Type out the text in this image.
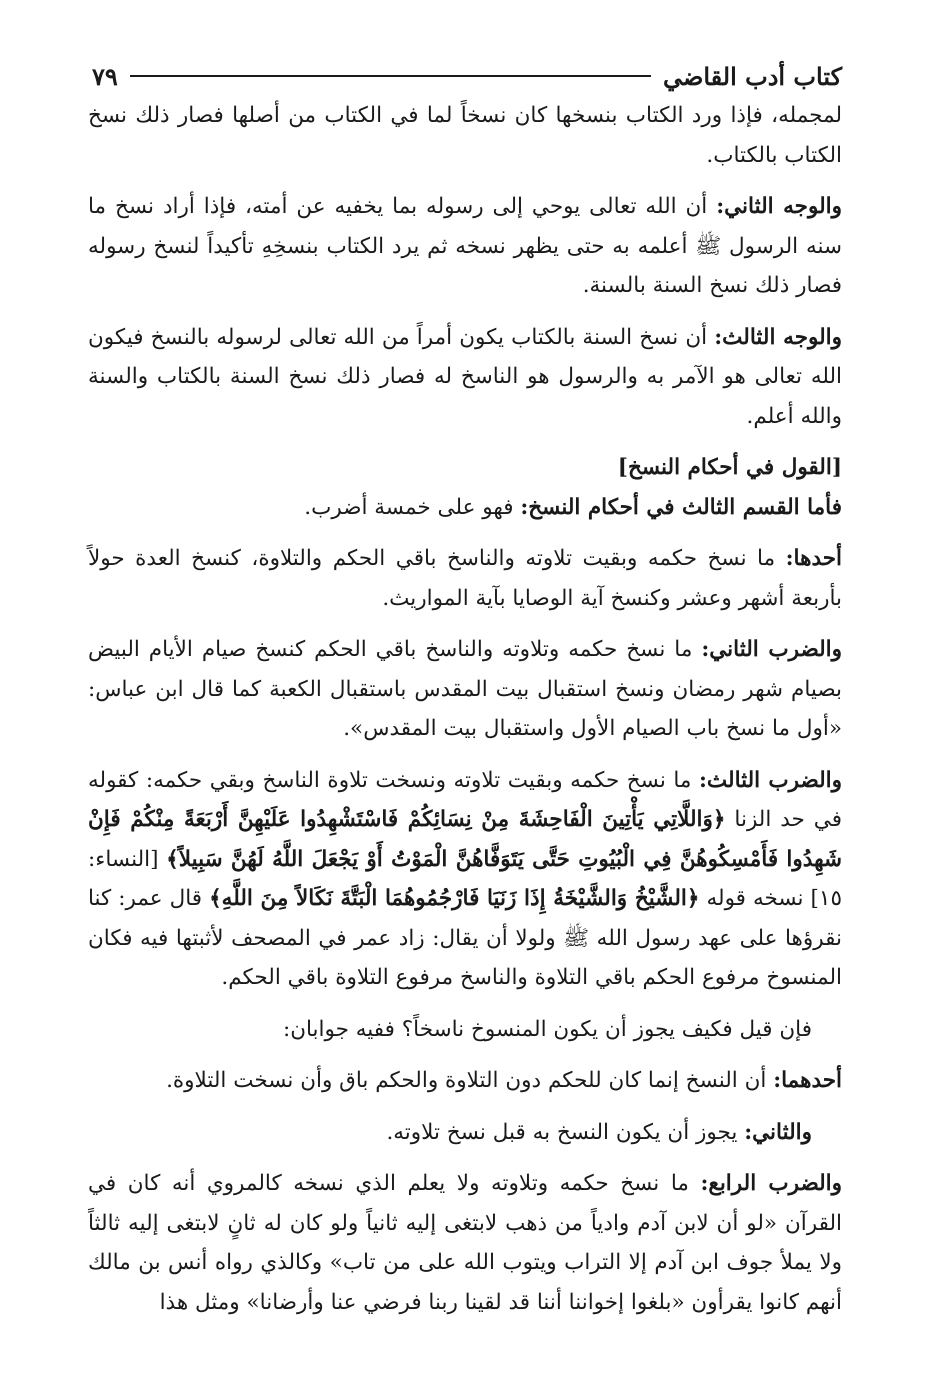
كتاب أدب القاضي
٧٩

لمجمله، فإذا ورد الكتاب بنسخها كان نسخاً لما في الكتاب من أصلها فصار ذلك نسخ الكتاب بالكتاب.

والوجه الثاني: أن الله تعالى يوحي إلى رسوله بما يخفيه عن أمته، فإذا أراد نسخ ما سنه الرسول ﷺ أعلمه به حتى يظهر نسخه ثم يرد الكتاب بنسخِهِ تأكيداً لنسخ رسوله فصار ذلك نسخ السنة بالسنة.

والوجه الثالث: أن نسخ السنة بالكتاب يكون أمراً من الله تعالى لرسوله بالنسخ فيكون الله تعالى هو الآمر به والرسول هو الناسخ له فصار ذلك نسخ السنة بالكتاب والسنة والله أعلم.

[القول في أحكام النسخ]

فأما القسم الثالث في أحكام النسخ: فهو على خمسة أضرب.

أحدها: ما نسخ حكمه وبقيت تلاوته والناسخ باقي الحكم والتلاوة، كنسخ العدة حولاً بأربعة أشهر وعشر وكنسخ آية الوصايا بآية المواريث.

والضرب الثاني: ما نسخ حكمه وتلاوته والناسخ باقي الحكم كنسخ صيام الأيام البيض بصيام شهر رمضان ونسخ استقبال بيت المقدس باستقبال الكعبة كما قال ابن عباس: «أول ما نسخ باب الصيام الأول واستقبال بيت المقدس».

والضرب الثالث: ما نسخ حكمه وبقيت تلاوته ونسخت تلاوة الناسخ وبقي حكمه: كقوله في حد الزنا ﴿وَاللَّاتِي يَأْتِينَ الْفَاحِشَةَ مِنْ نِسَائِكُمْ فَاسْتَشْهِدُوا عَلَيْهِنَّ أَرْبَعَةً مِنْكُمْ فَإِنْ شَهِدُوا فَأَمْسِكُوهُنَّ فِي الْبُيُوتِ حَتَّى يَتَوَفَّاهُنَّ الْمَوْتُ أَوْ يَجْعَلَ اللَّهُ لَهُنَّ سَبِيلاً﴾ [النساء: ١٥] نسخه قوله ﴿الشَّيْخُ وَالشَّيْخَةُ إِذَا زَنَيَا فَارْجُمُوهُمَا الْبَتَّةَ نَكَالاً مِنَ اللَّهِ﴾ قال عمر: كنا نقرؤها على عهد رسول الله ﷺ ولولا أن يقال: زاد عمر في المصحف لأثبتها فيه فكان المنسوخ مرفوع الحكم باقي التلاوة والناسخ مرفوع التلاوة باقي الحكم.

فإن قيل فكيف يجوز أن يكون المنسوخ ناسخاً؟ ففيه جوابان:

أحدهما: أن النسخ إنما كان للحكم دون التلاوة والحكم باق وأن نسخت التلاوة.

والثاني: يجوز أن يكون النسخ به قبل نسخ تلاوته.

والضرب الرابع: ما نسخ حكمه وتلاوته ولا يعلم الذي نسخه كالمروي أنه كان في القرآن «لو أن لابن آدم وادياً من ذهب لابتغى إليه ثانياً ولو كان له ثانٍ لابتغى إليه ثالثاً ولا يملأ جوف ابن آدم إلا التراب ويتوب الله على من تاب» وكالذي رواه أنس بن مالك أنهم كانوا يقرأون «بلغوا إخواننا أننا قد لقينا ربنا فرضي عنا وأرضانا» ومثل هذا
